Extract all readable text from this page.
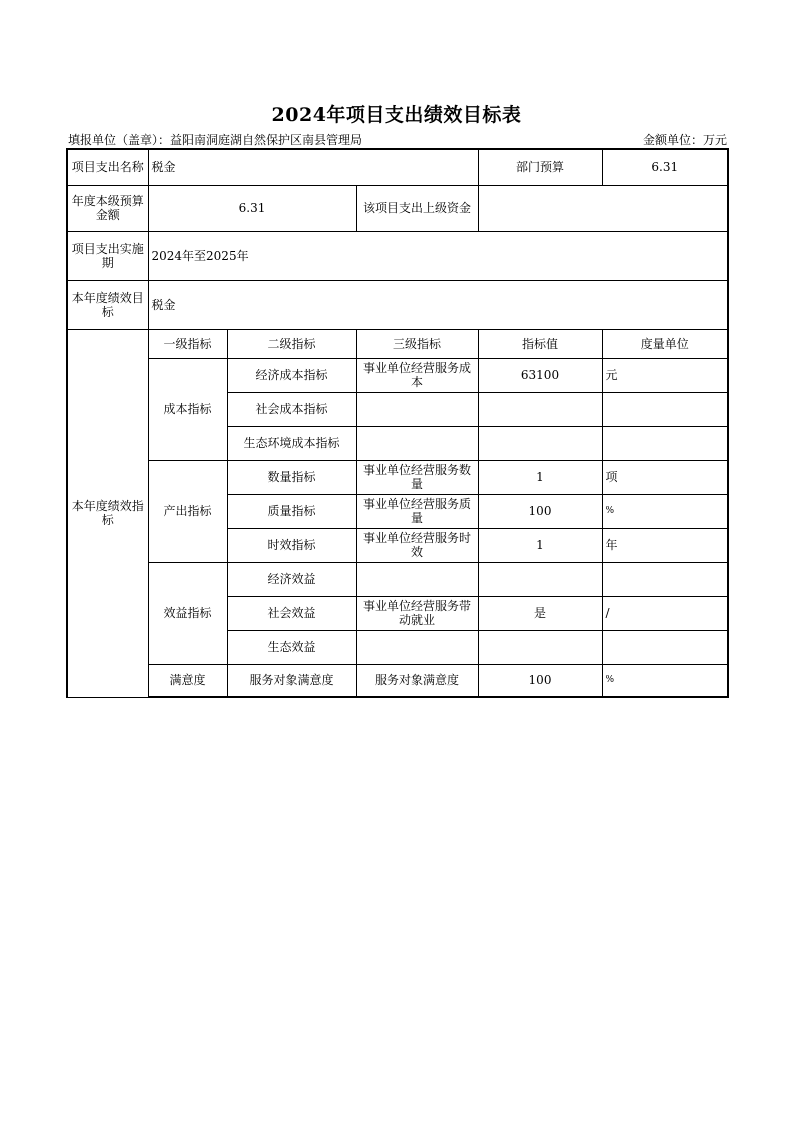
2024年项目支出绩效目标表
填报单位（盖章）：益阳南洞庭湖自然保护区南县管理局	金额单位：万元
项目支出名称	税金			部门预算	6.31
年度本级预算金额	6.31		该项目支出上级资金		
项目支出实施期	2024年至2025年				
本年度绩效目标	税金				
本年度绩效指标	一级指标	二级指标	三级指标	指标值	度量单位
	成本指标	经济成本指标	事业单位经营服务成本	63100	元
		社会成本指标			
		生态环境成本指标			
	产出指标	数量指标	事业单位经营服务数量	1	项
		质量指标	事业单位经营服务质量	100	%
		时效指标	事业单位经营服务时效	1	年
	效益指标	经济效益			
		社会效益	事业单位经营服务带动就业	是	/
		生态效益			
	满意度	服务对象满意度	服务对象满意度	100	%
